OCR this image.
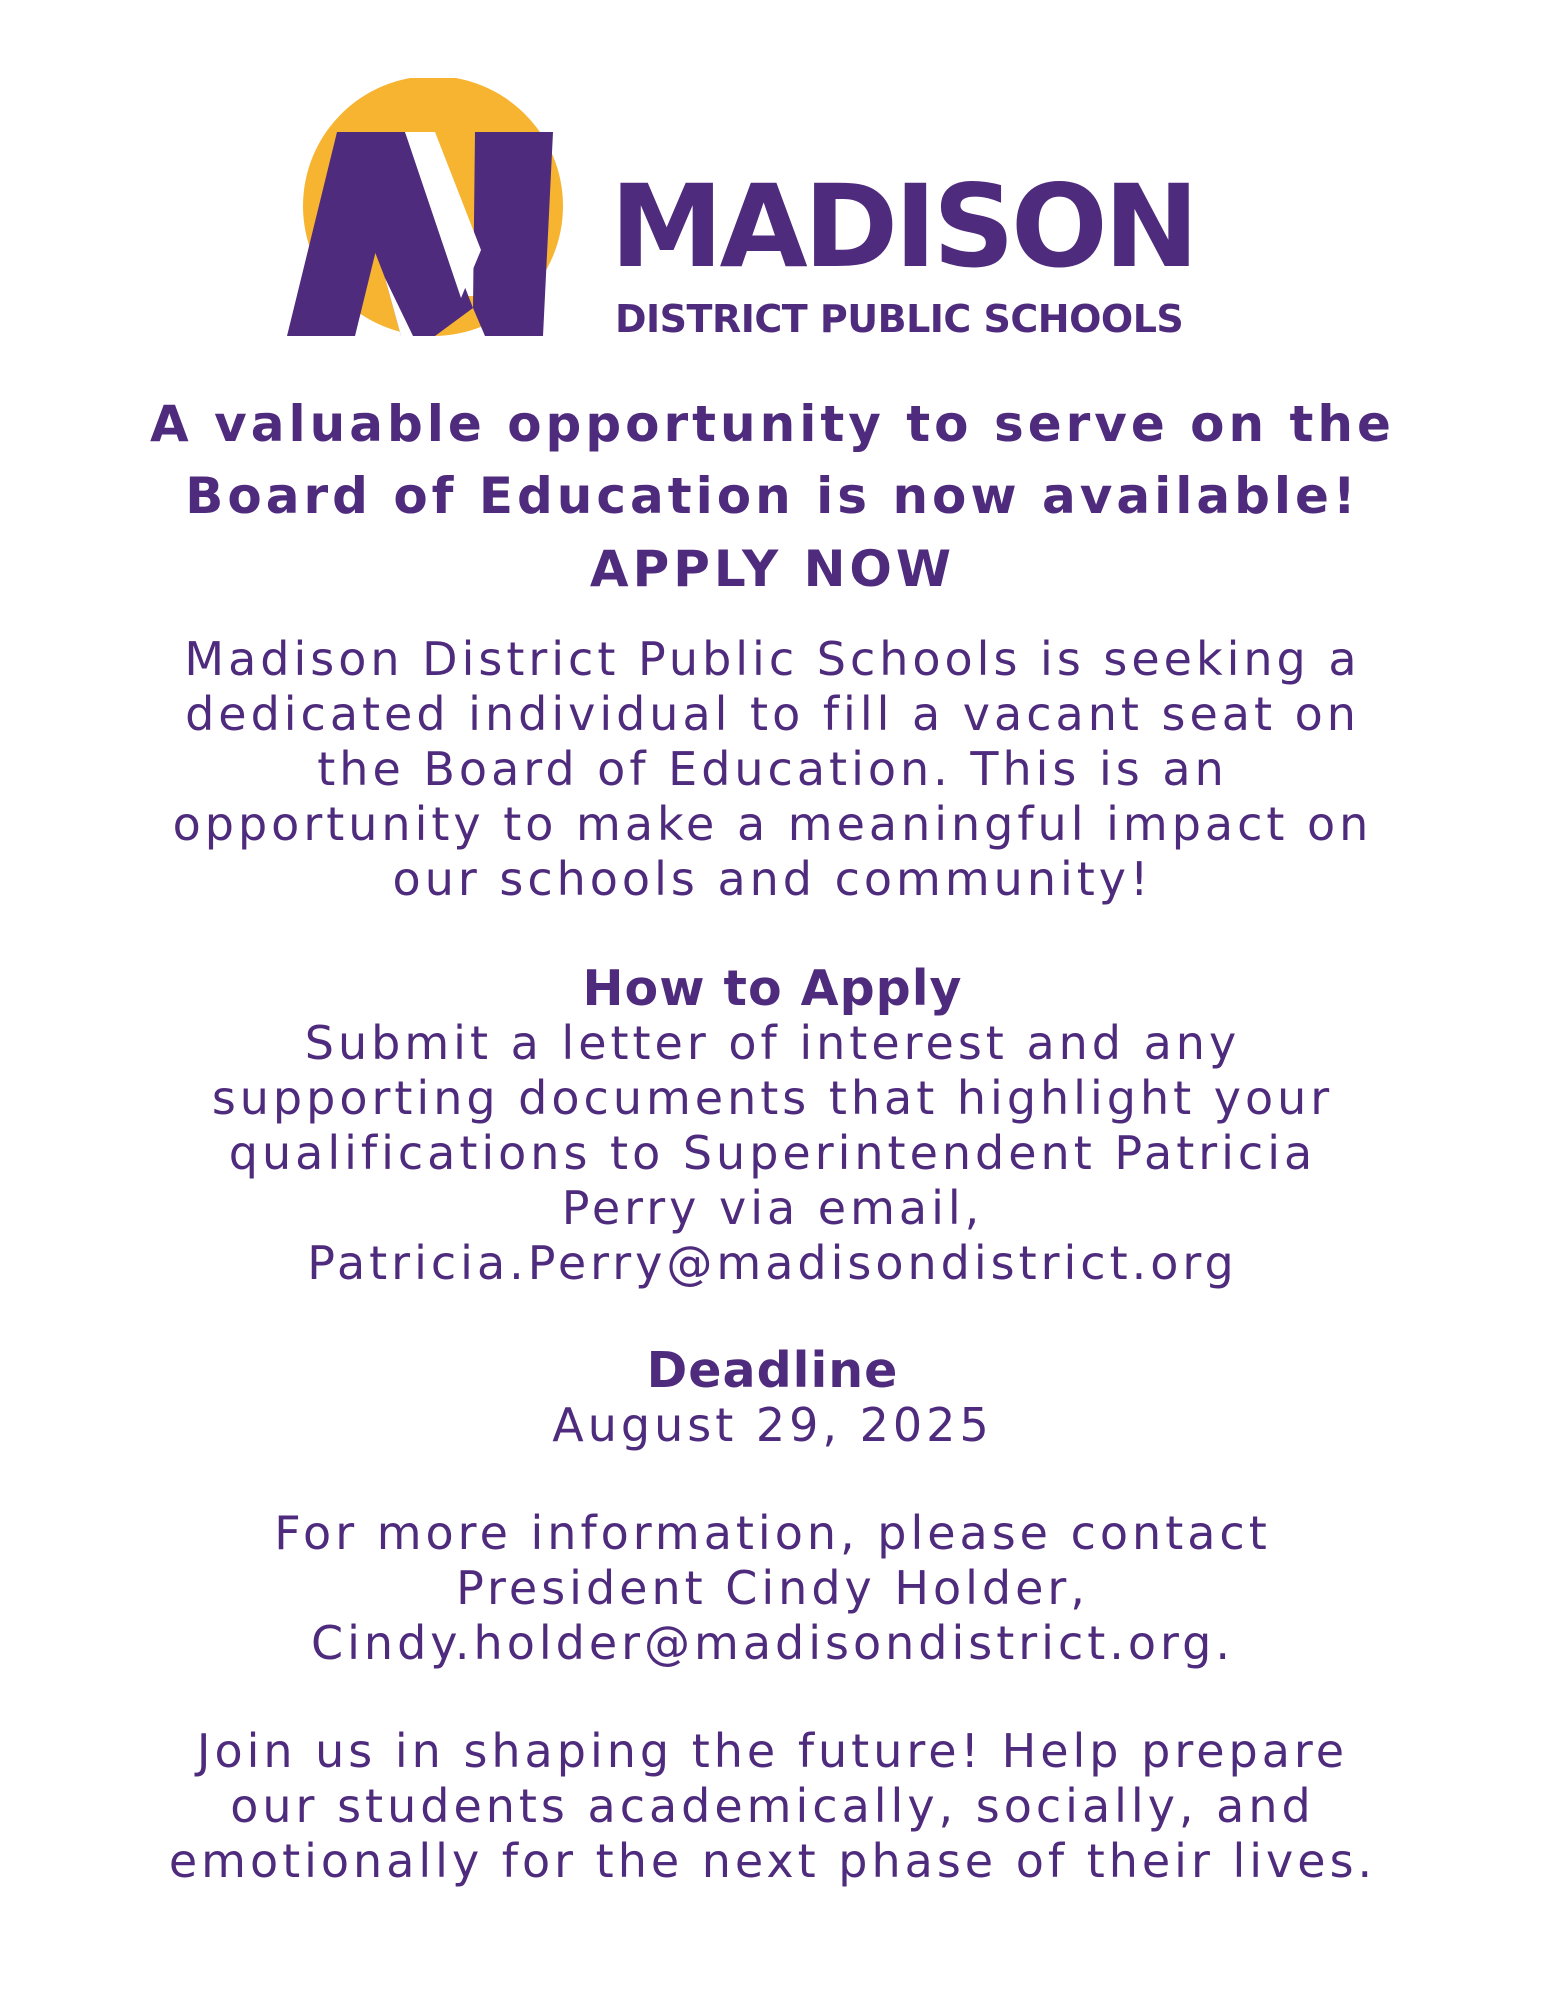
MADISON
DISTRICT PUBLIC SCHOOLS
A valuable opportunity to serve on the
Board of Education is now available!
APPLY NOW
Madison District Public Schools is seeking a
dedicated individual to fill a vacant seat on
the Board of Education. This is an
opportunity to make a meaningful impact on
our schools and community!
How to Apply
Submit a letter of interest and any
supporting documents that highlight your
qualifications to Superintendent Patricia
Perry via email,
Patricia.Perry@madisondistrict.org
Deadline
August 29, 2025
For more information, please contact
President Cindy Holder,
Cindy.holder@madisondistrict.org.
Join us in shaping the future! Help prepare
our students academically, socially, and
emotionally for the next phase of their lives.
